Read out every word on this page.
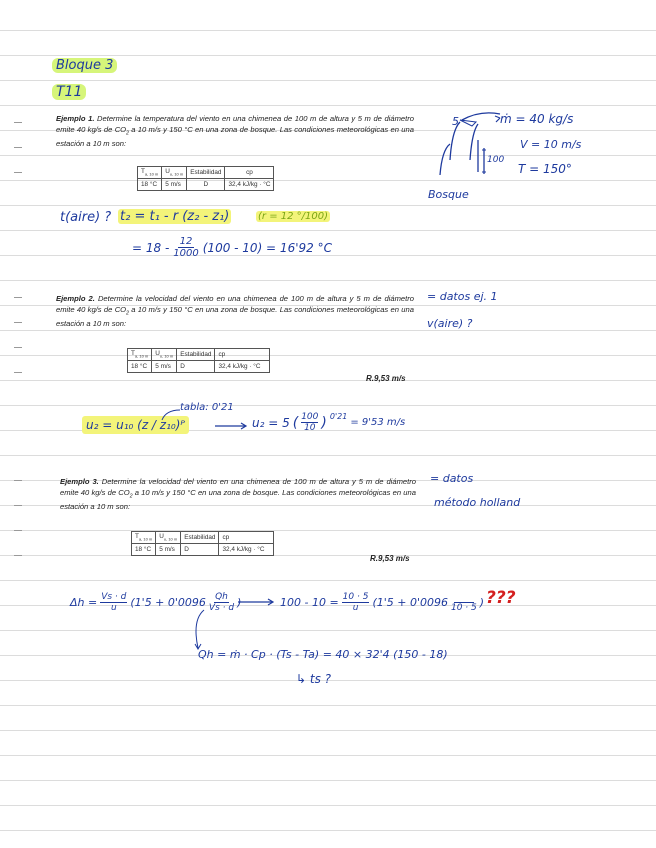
Bloque 3
T11
Ejemplo 1. Determine la temperatura del viento en una chimenea de 100 m de altura y 5 m de diámetro emite 40 kg/s de $CO_2$ a 10 m/s y 150 °C en una zona de bosque. Las condiciones meteorológicas en una estación a 10 m son:
$T_{a, 10 m}$	$U_{u, 10 m}$	Estabilidad	cp
18 °C	5 m/s	D	32,4 kJ/kg · °C
5	ṁ = 40 kg/s
V = 10 m/s
T = 150°
100
Bosque
t(aire) ? t₂ = t₁ - r (z₂ - z₁)	(r = 12 °/100)
= $18 - \frac{12}{1000} (100 - 10) = 16'92$ °C
Ejemplo 2. Determine la velocidad del viento en una chimenea de 100 m de altura y 5 m de diámetro emite 40 kg/s de $CO_2$ a 10 m/s y 150 °C en una zona de bosque. Las condiciones meteorológicas en una estación a 10 m son:
= datos ej. 1
v(aire) ?
$T_{a, 10 m}$	$U_{u, 10 m}$	Estabilidad	cp
18 °C	5 m/s	D	32,4 kJ/kg · °C
R.9,53 m/s
u₂ = u₁₀ (z / z₁₀)ᴾ
tabla: 0'21
u₂ = 5 ( $\frac{100}{10}$ ) $^{0'21}$
= 9'53 m/s
Ejemplo 3. Determine la velocidad del viento en una chimenea de 100 m de altura y 5 m de diámetro emite 40 kg/s de $CO_2$ a 10 m/s y 150 °C en una zona de bosque. Las condiciones meteorológicas en una estación a 10 m son:
= datos
método holland
$T_{a, 10 m}$	$U_{u, 10 m}$	Estabilidad	cp
18 °C	5 m/s	D	32,4 kJ/kg · °C
R.9,53 m/s
$\Delta h = \frac{Vs \cdot d}{u} (1'5 + 0'0096 \frac{Qh}{Vs \cdot d}$ )	$100 - 10 = \frac{10 \cdot 5}{u} (1'5 + 0'0096$ 10 · 5 ) ???
Qh = ṁ · Cp · (Ts - Ta) = 40 × 32'4 (150 - 18)
↳ ts ?
